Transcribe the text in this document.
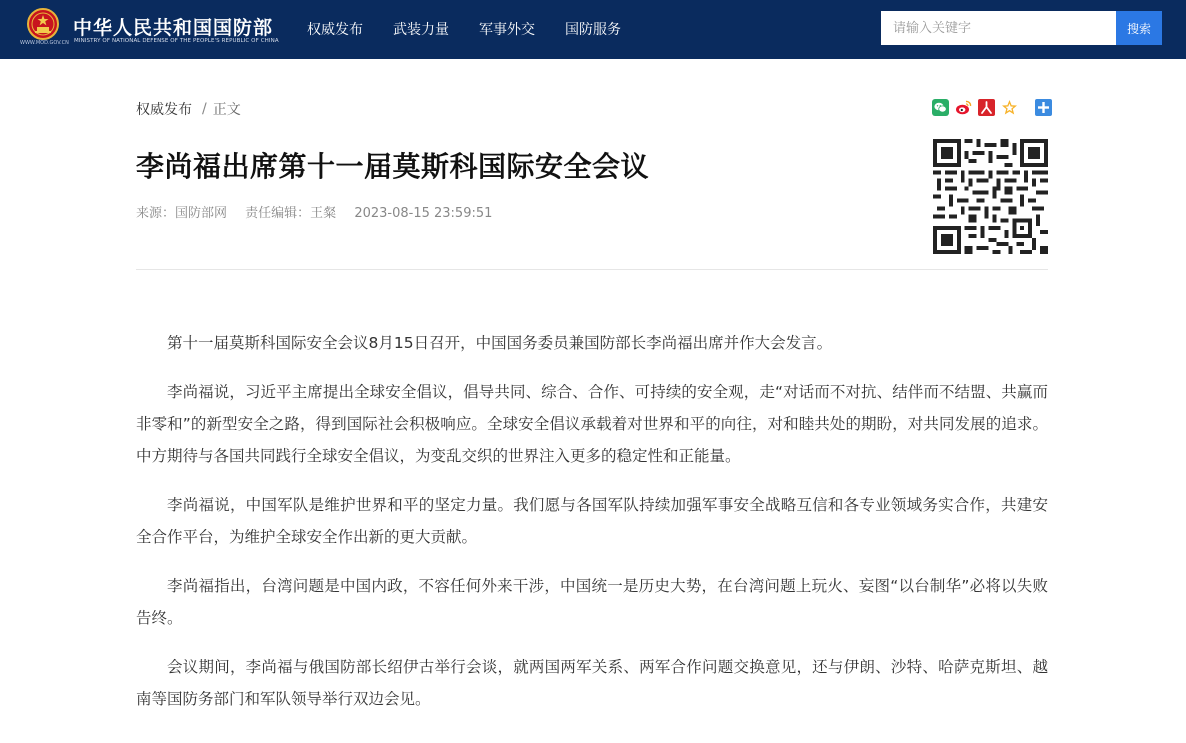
WWW.MOD.GOV.CN
中华人民共和国国防部
MINISTRY OF NATIONAL DEFENSE OF THE PEOPLE'S REPUBLIC OF CHINA
权威发布 武装力量 军事外交 国防服务
请输入关键字	搜索
权威发布 / 正文
李尚福出席第十一届莫斯科国际安全会议
来源：国防部网 责任编辑：王粲 2023-08-15 23:59:51

第十一届莫斯科国际安全会议8月15日召开，中国国务委员兼国防部长李尚福出席并作大会发言。

李尚福说，习近平主席提出全球安全倡议，倡导共同、综合、合作、可持续的安全观，走“对话而不对抗、结伴而不结盟、共赢而非零和”的新型安全之路，得到国际社会积极响应。全球安全倡议承载着对世界和平的向往，对和睦共处的期盼，对共同发展的追求。中方期待与各国共同践行全球安全倡议，为变乱交织的世界注入更多的稳定性和正能量。

李尚福说，中国军队是维护世界和平的坚定力量。我们愿与各国军队持续加强军事安全战略互信和各专业领域务实合作，共建安全合作平台，为维护全球安全作出新的更大贡献。

李尚福指出，台湾问题是中国内政，不容任何外来干涉，中国统一是历史大势，在台湾问题上玩火、妄图“以台制华”必将以失败告终。

会议期间，李尚福与俄国防部长绍伊古举行会谈，就两国两军关系、两军合作问题交换意见，还与伊朗、沙特、哈萨克斯坦、越南等国防务部门和军队领导举行双边会见。
